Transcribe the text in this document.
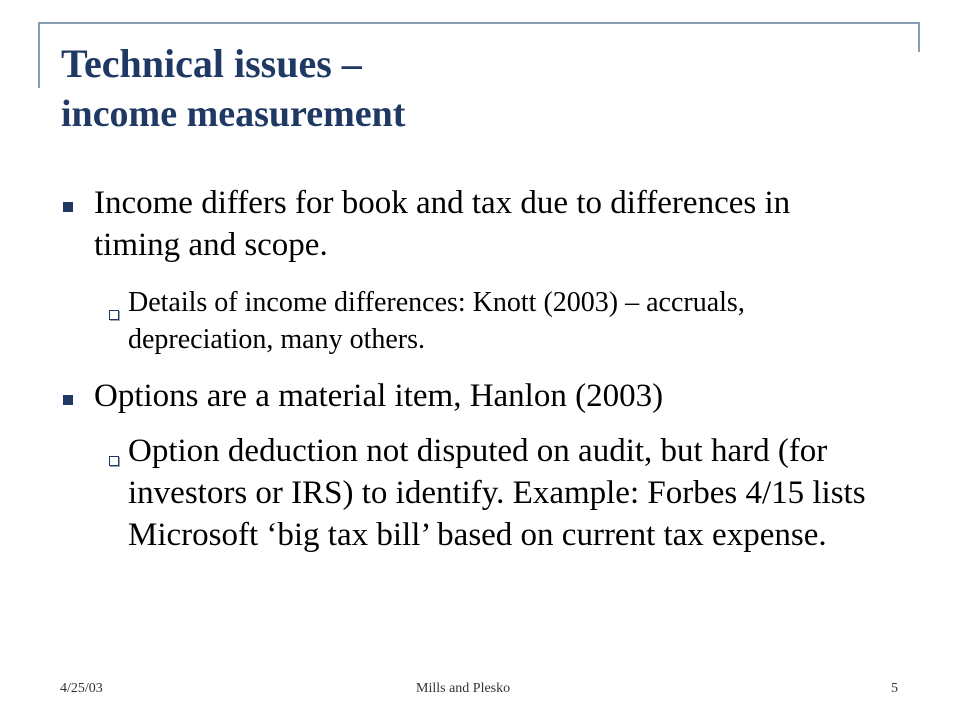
Technical issues –
income measurement

Income differs for book and tax due to differences in timing and scope.

Details of income differences: Knott (2003) – accruals, depreciation, many others.

Options are a material item, Hanlon (2003)

Option deduction not disputed on audit, but hard (for investors or IRS) to identify. Example: Forbes 4/15 lists Microsoft ‘big tax bill’ based on current tax expense.

4/25/03	Mills and Plesko	5
